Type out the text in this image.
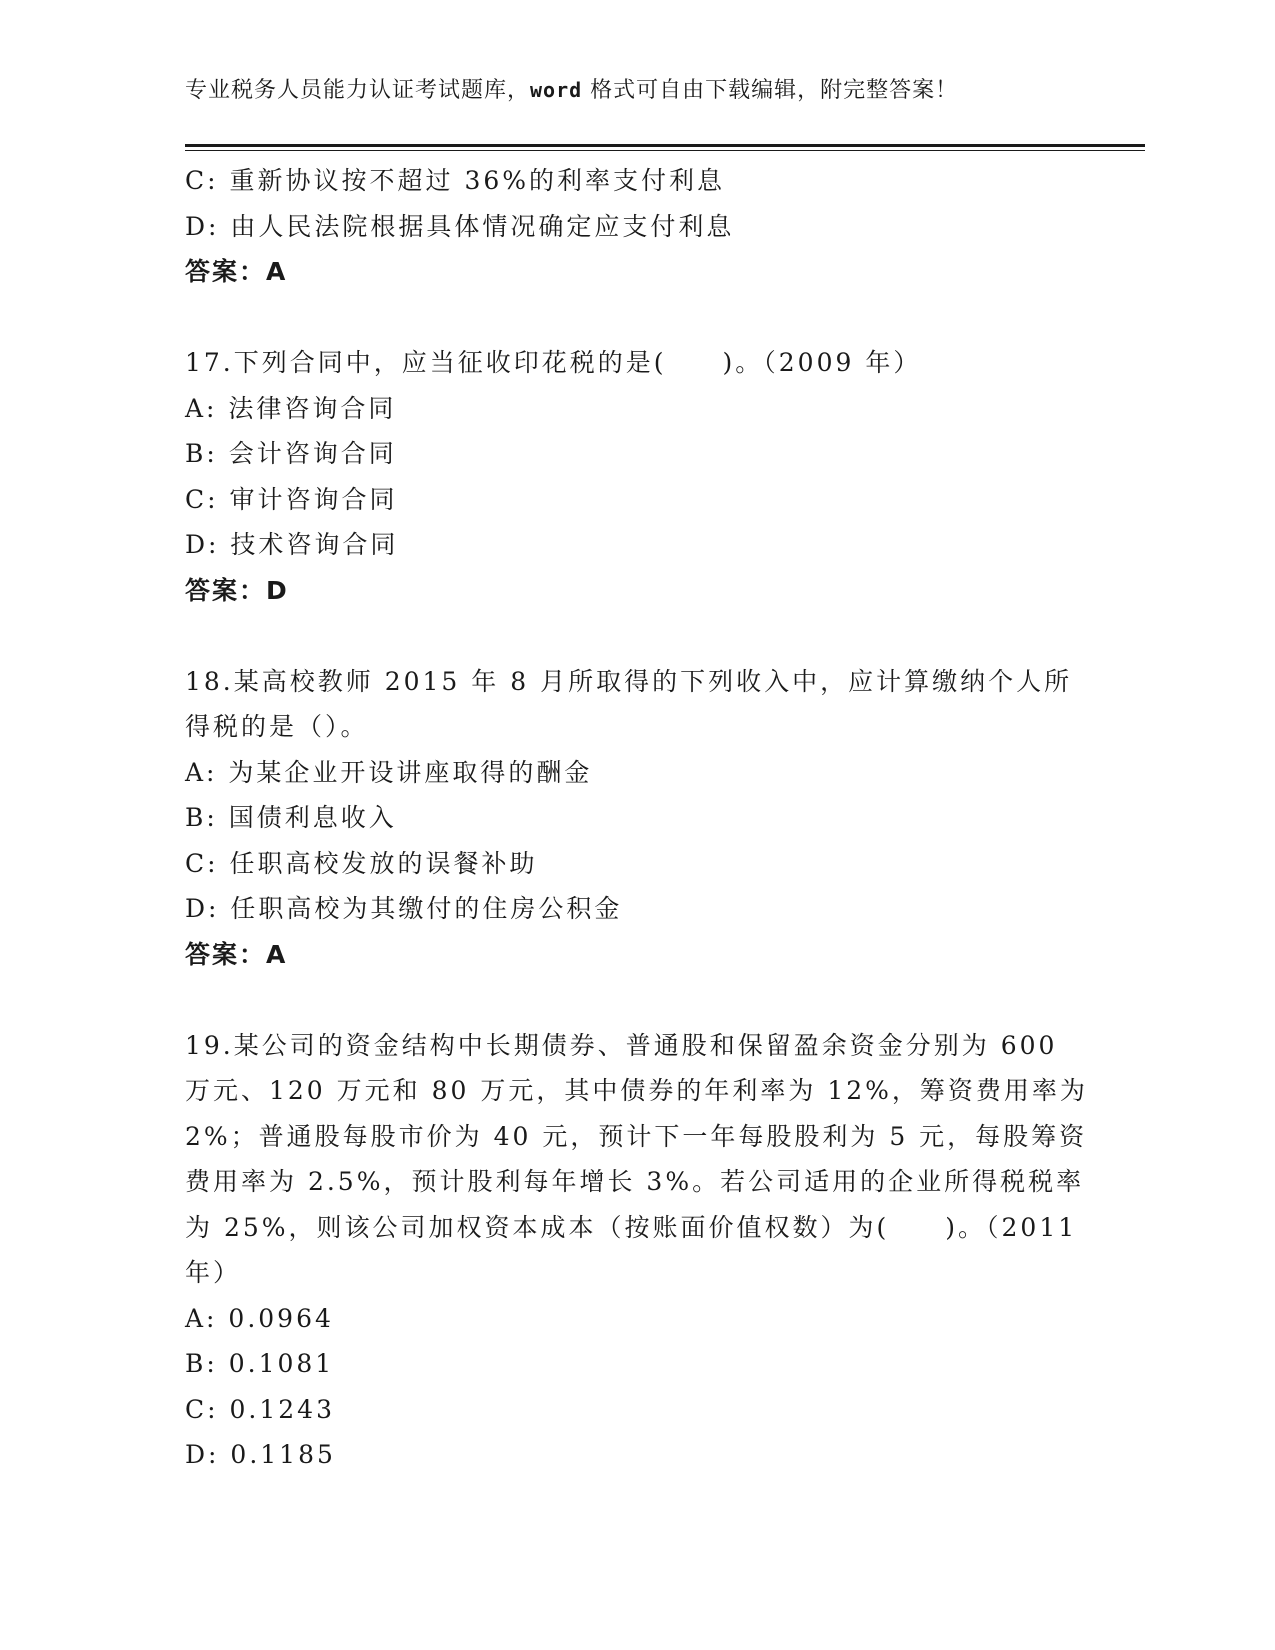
专业税务人员能力认证考试题库，word 格式可自由下载编辑，附完整答案！
C: 重新协议按不超过 36%的利率支付利息
D: 由人民法院根据具体情况确定应支付利息
答案：A
17.下列合同中，应当征收印花税的是(　　)。（2009 年）
A: 法律咨询合同
B: 会计咨询合同
C: 审计咨询合同
D: 技术咨询合同
答案：D
18.某高校教师 2015 年 8 月所取得的下列收入中，应计算缴纳个人所
得税的是（）。
A: 为某企业开设讲座取得的酬金
B: 国债利息收入
C: 任职高校发放的误餐补助
D: 任职高校为其缴付的住房公积金
答案：A
19.某公司的资金结构中长期债券、普通股和保留盈余资金分别为 600
万元、120 万元和 80 万元，其中债券的年利率为 12%，筹资费用率为
2%；普通股每股市价为 40 元，预计下一年每股股利为 5 元，每股筹资
费用率为 2.5%，预计股利每年增长 3%。若公司适用的企业所得税税率
为 25%，则该公司加权资本成本（按账面价值权数）为(　　)。（2011
年）
A: 0.0964
B: 0.1081
C: 0.1243
D: 0.1185
